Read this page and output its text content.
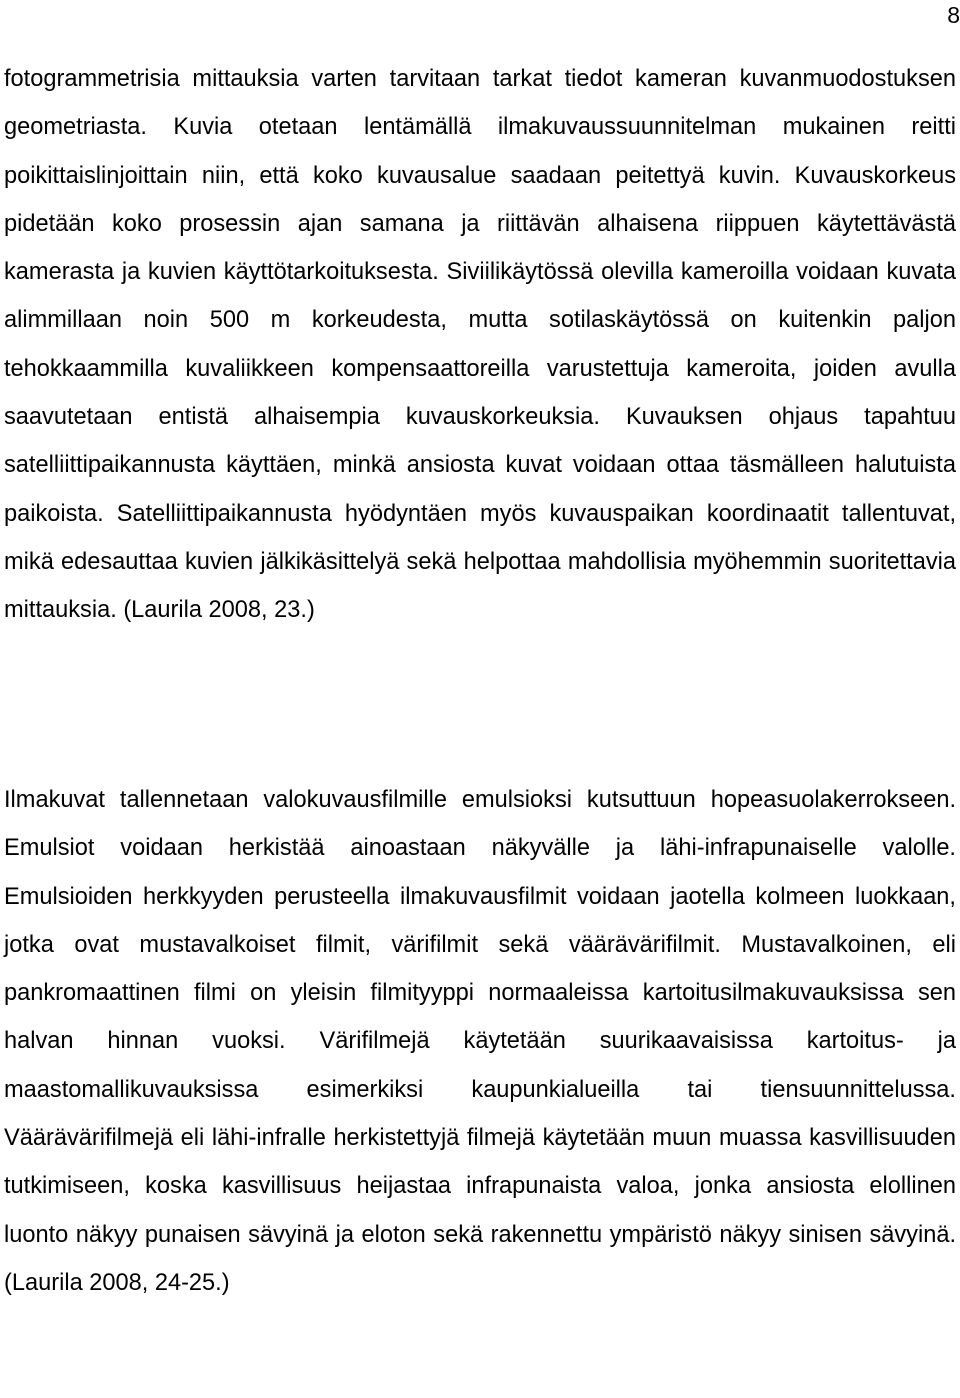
8

fotogrammetrisia mittauksia varten tarvitaan tarkat tiedot kameran kuvanmuodostuksen geometriasta. Kuvia otetaan lentämällä ilmakuvaussuunnitelman mukainen reitti poikittaislinjoittain niin, että koko kuvausalue saadaan peitettyä kuvin. Kuvauskorkeus pidetään koko prosessin ajan samana ja riittävän alhaisena riippuen käytettävästä kamerasta ja kuvien käyttötarkoituksesta. Siviilikäytössä olevilla kameroilla voidaan kuvata alimmillaan noin 500 m korkeudesta, mutta sotilaskäytössä on kuitenkin paljon tehokkaammilla kuvaliikkeen kompensaattoreilla varustettuja kameroita, joiden avulla saavutetaan entistä alhaisempia kuvauskorkeuksia. Kuvauksen ohjaus tapahtuu satelliittipaikannusta käyttäen, minkä ansiosta kuvat voidaan ottaa täsmälleen halutuista paikoista. Satelliittipaikannusta hyödyntäen myös kuvauspaikan koordinaatit tallentuvat, mikä edesauttaa kuvien jälkikäsittelyä sekä helpottaa mahdollisia myöhemmin suoritettavia mittauksia. (Laurila 2008, 23.)

Ilmakuvat tallennetaan valokuvausfilmille emulsioksi kutsuttuun hopeasuolakerrokseen. Emulsiot voidaan herkistää ainoastaan näkyvälle ja lähi-infrapunaiselle valolle. Emulsioiden herkkyyden perusteella ilmakuvausfilmit voidaan jaotella kolmeen luokkaan, jotka ovat mustavalkoiset filmit, värifilmit sekä väärävärifilmit. Mustavalkoinen, eli pankromaattinen filmi on yleisin filmityyppi normaaleissa kartoitusilmakuvauksissa sen halvan hinnan vuoksi. Värifilmejä käytetään suurikaavaisissa kartoitus- ja maastomallikuvauksissa esimerkiksi kaupunkialueilla tai tiensuunnittelussa. Väärävärifilmejä eli lähi-infralle herkistettyjä filmejä käytetään muun muassa kasvillisuuden tutkimiseen, koska kasvillisuus heijastaa infrapunaista valoa, jonka ansiosta elollinen luonto näkyy punaisen sävyinä ja eloton sekä rakennettu ympäristö näkyy sinisen sävyinä. (Laurila 2008, 24-25.)
